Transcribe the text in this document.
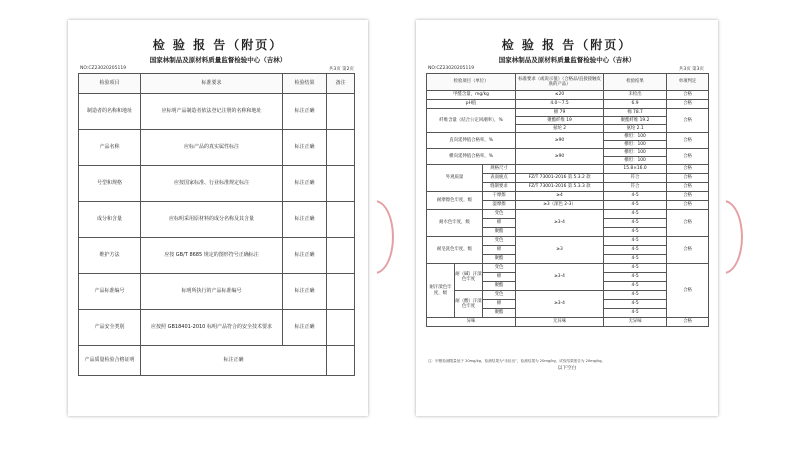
检 验 报 告（附页）
国家林制品及原材料质量监督检验中心（吉林）
NO:CZ23020205119	共3页 第2页
检验项目	标准要求	检验结果	备注
制造者的名称和地址	应标明产品制造者依法登记注册的名称和地址	标注正确	
产品名称	应标产品的真实属性标注	标注正确	
号型和规格	应按国家标准、行业标准规定标注	标注正确	
成分和含量	应标明采用原材料的成分名称及其含量	标注正确	
维护方法	应按 GB/T 8685 规定的图形符号正确标注	标注正确	
产品标准编号	标明所执行的产品标准编号	标注正确	
产品安全类别	应按照 GB18401-2010 标明产品符合的安全技术要求	标注正确	
产品质量检验合格证明	标注正确		
检 验 报 告（附页）
国家林制品及原材料质量监督检验中心（吉林）
NO:CZ23020205119	共3页 第3页
检验项目（单位）			标准要求（或说示值）（合格品/直接接触皮肤的产品）	检验结果	单项判定
甲醛含量，mg/kg			≤20	未检出	合格
pH值			4.0～7.5	6.9	合格
纤维含量（结合公定回潮率），%			棉 79	棉 78.7	合格
			聚酯纤维 19	聚酯纤维 19.2	
			氨纶 2	氨纶 2.1	
直向延伸值合格率，%			≥90	横坦：100	合格
				横坦：100	
横向延伸值合格率，%			≥90	横坦：100	合格
				横坦：100	
外观质量		规格尺寸		15.8×16.0	合格
		表面疵点	FZ/T 73001-2016 第 5.3.2 款	符合	合格
		缝制要求	FZ/T 73001-2016 第 5.3.3 款	符合	合格
耐摩擦色牢度，级		干摩擦	≥4	4-5	合格
		湿摩擦	≥3（深色 2-3）	4-5	合格
耐水色牢度，级		变色	≥3-4	4-5	合格
		棉		4-5	
		聚酯		4-5	
耐皂洗色牢度，级		变色	≥3	4-5	合格
		棉		4-5	
		聚酯		4-5	
耐汗渍色牢度，级	耐（碱）汗渍色牢度	变色	≥3-4	4-5	合格
		棉		4-5	
		聚酯		4-5	
	耐（酸）汗渍色牢度	变色	≥3-4	4-5	
		棉		4-5	
		聚酯		4-5	
异味			无异味	无异味	合格
注：甲醛检测限量低于 20mg/kg，检测结果为“未检出”，检测结果为 20mg/kg，试验结果报告为 20mg/kg。
以下空白
